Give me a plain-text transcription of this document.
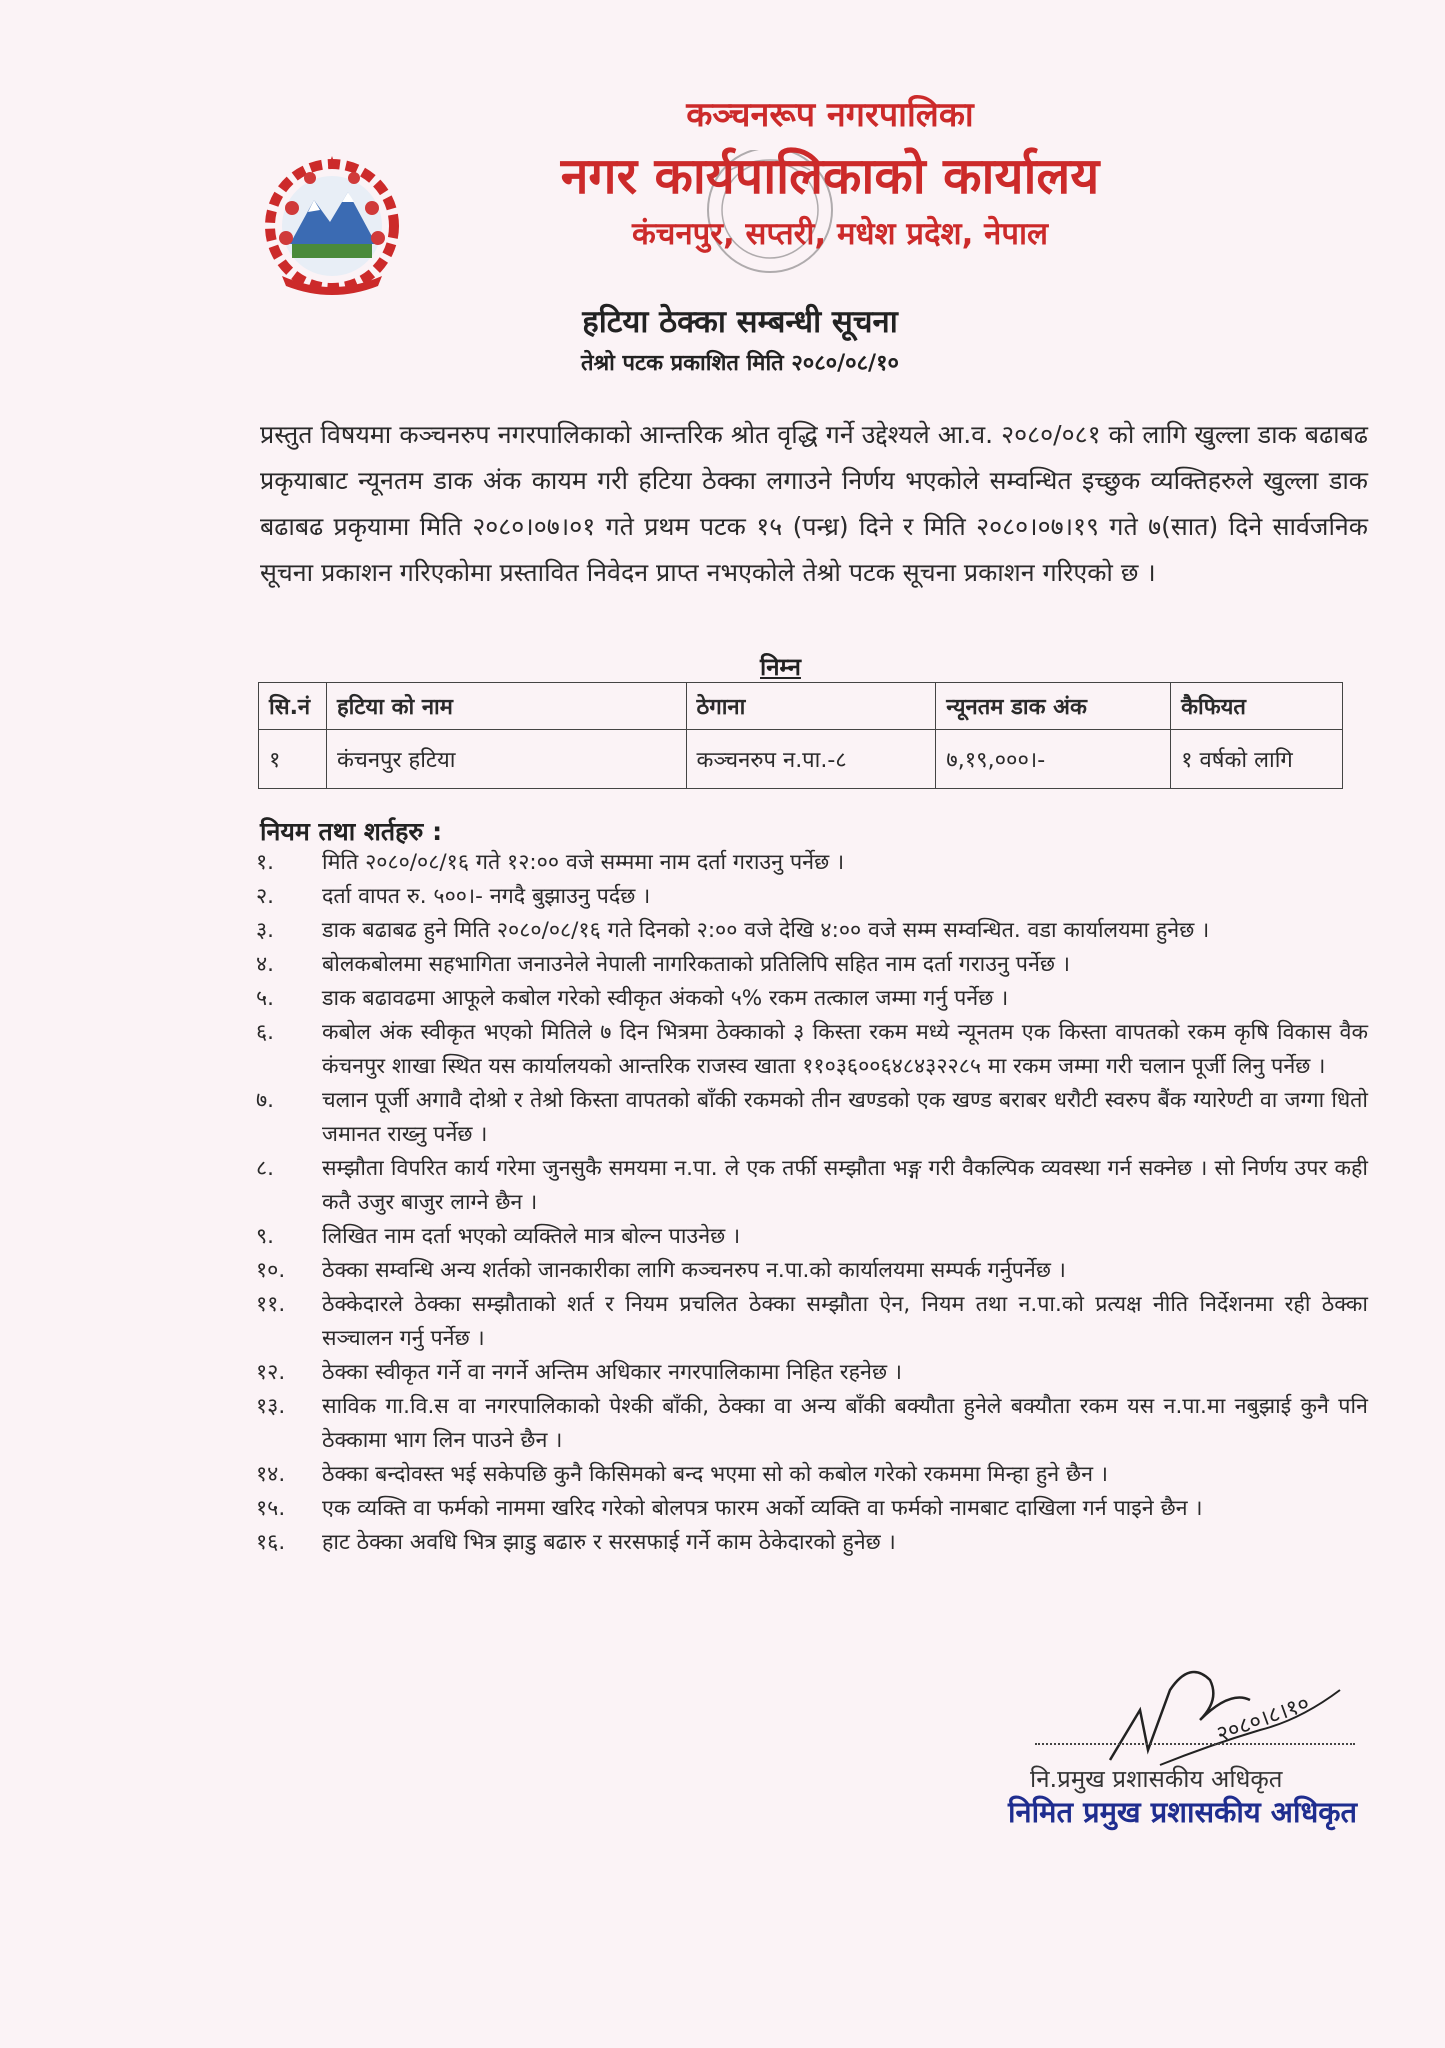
कञ्चनरूप नगरपालिका
नगर कार्यपालिकाको कार्यालय
कंचनपुर, सप्तरी, मधेश प्रदेश, नेपाल
हटिया ठेक्का सम्बन्धी सूचना
तेश्रो पटक प्रकाशित मिति २०८०/०८/१०
प्रस्तुत विषयमा कञ्चनरुप नगरपालिकाको आन्तरिक श्रोत वृद्धि गर्ने उद्देश्यले आ.व. २०८०/०८१ को लागि खुल्ला डाक बढाबढ प्रकृयाबाट न्यूनतम डाक अंक कायम गरी हटिया ठेक्का लगाउने निर्णय भएकोले सम्वन्धित इच्छुक व्यक्तिहरुले खुल्ला डाक बढाबढ प्रकृयामा मिति २०८०।०७।०१ गते प्रथम पटक १५ (पन्ध्र) दिने र मिति २०८०।०७।१९ गते ७(सात) दिने सार्वजनिक सूचना प्रकाशन गरिएकोमा प्रस्तावित निवेदन प्राप्त नभएकोले तेश्रो पटक सूचना प्रकाशन गरिएको छ ।
निम्न
सि.नं	हटिया को नाम	ठेगाना	न्यूनतम डाक अंक	कैफियत
१	कंचनपुर हटिया	कञ्चनरुप न.पा.-८	७,१९,०००।-	१ वर्षको लागि
नियम तथा शर्तहरु :
१.	मिति २०८०/०८/१६ गते १२:०० वजे सम्ममा नाम दर्ता गराउनु पर्नेछ ।
२.	दर्ता वापत रु. ५००।- नगदै बुझाउनु पर्दछ ।
३.	डाक बढाबढ हुने मिति २०८०/०८/१६ गते दिनको २:०० वजे देखि ४:०० वजे सम्म सम्वन्धित. वडा कार्यालयमा हुनेछ ।
४.	बोलकबोलमा सहभागिता जनाउनेले नेपाली नागरिकताको प्रतिलिपि सहित नाम दर्ता गराउनु पर्नेछ ।
५.	डाक बढावढमा आफूले कबोल गरेको स्वीकृत अंकको ५% रकम तत्काल जम्मा गर्नु पर्नेछ ।
६.	कबोल अंक स्वीकृत भएको मितिले ७ दिन भित्रमा ठेक्काको ३ किस्ता रकम मध्ये न्यूनतम एक किस्ता वापतको रकम कृषि विकास वैक कंचनपुर शाखा स्थित यस कार्यालयको आन्तरिक राजस्व खाता ११०३६००६४८४३२२८५ मा रकम जम्मा गरी चलान पूर्जी लिनु पर्नेछ ।
७.	चलान पूर्जी अगावै दोश्रो र तेश्रो किस्ता वापतको बाँकी रकमको तीन खण्डको एक खण्ड बराबर धरौटी स्वरुप बैंक ग्यारेण्टी वा जग्गा धितो जमानत राख्नु पर्नेछ ।
८.	सम्झौता विपरित कार्य गरेमा जुनसुकै समयमा न.पा. ले एक तर्फी सम्झौता भङ्ग गरी वैकल्पिक व्यवस्था गर्न सक्नेछ । सो निर्णय उपर कही कतै उजुर बाजुर लाग्ने छैन ।
९.	लिखित नाम दर्ता भएको व्यक्तिले मात्र बोल्न पाउनेछ ।
१०.	ठेक्का सम्वन्धि अन्य शर्तको जानकारीका लागि कञ्चनरुप न.पा.को कार्यालयमा सम्पर्क गर्नुपर्नेछ ।
११.	ठेक्केदारले ठेक्का सम्झौताको शर्त र नियम प्रचलित ठेक्का सम्झौता ऐन, नियम तथा न.पा.को प्रत्यक्ष नीति निर्देशनमा रही ठेक्का सञ्चालन गर्नु पर्नेछ ।
१२.	ठेक्का स्वीकृत गर्ने वा नगर्ने अन्तिम अधिकार नगरपालिकामा निहित रहनेछ ।
१३.	साविक गा.वि.स वा नगरपालिकाको पेश्की बाँकी, ठेक्का वा अन्य बाँकी बक्यौता हुनेले बक्यौता रकम यस न.पा.मा नबुझाई कुनै पनि ठेक्कामा भाग लिन पाउने छैन ।
१४.	ठेक्का बन्दोवस्त भई सकेपछि कुनै किसिमको बन्द भएमा सो को कबोल गरेको रकममा मिन्हा हुने छैन ।
१५.	एक व्यक्ति वा फर्मको नाममा खरिद गरेको बोलपत्र फारम अर्को व्यक्ति वा फर्मको नामबाट दाखिला गर्न पाइने छैन ।
१६.	हाट ठेक्का अवधि भित्र झाडु बढारु र सरसफाई गर्ने काम ठेकेदारको हुनेछ ।
२०८०।८।१०
नि.प्रमुख प्रशासकीय अधिकृत
निमित प्रमुख प्रशासकीय अधिकृत
